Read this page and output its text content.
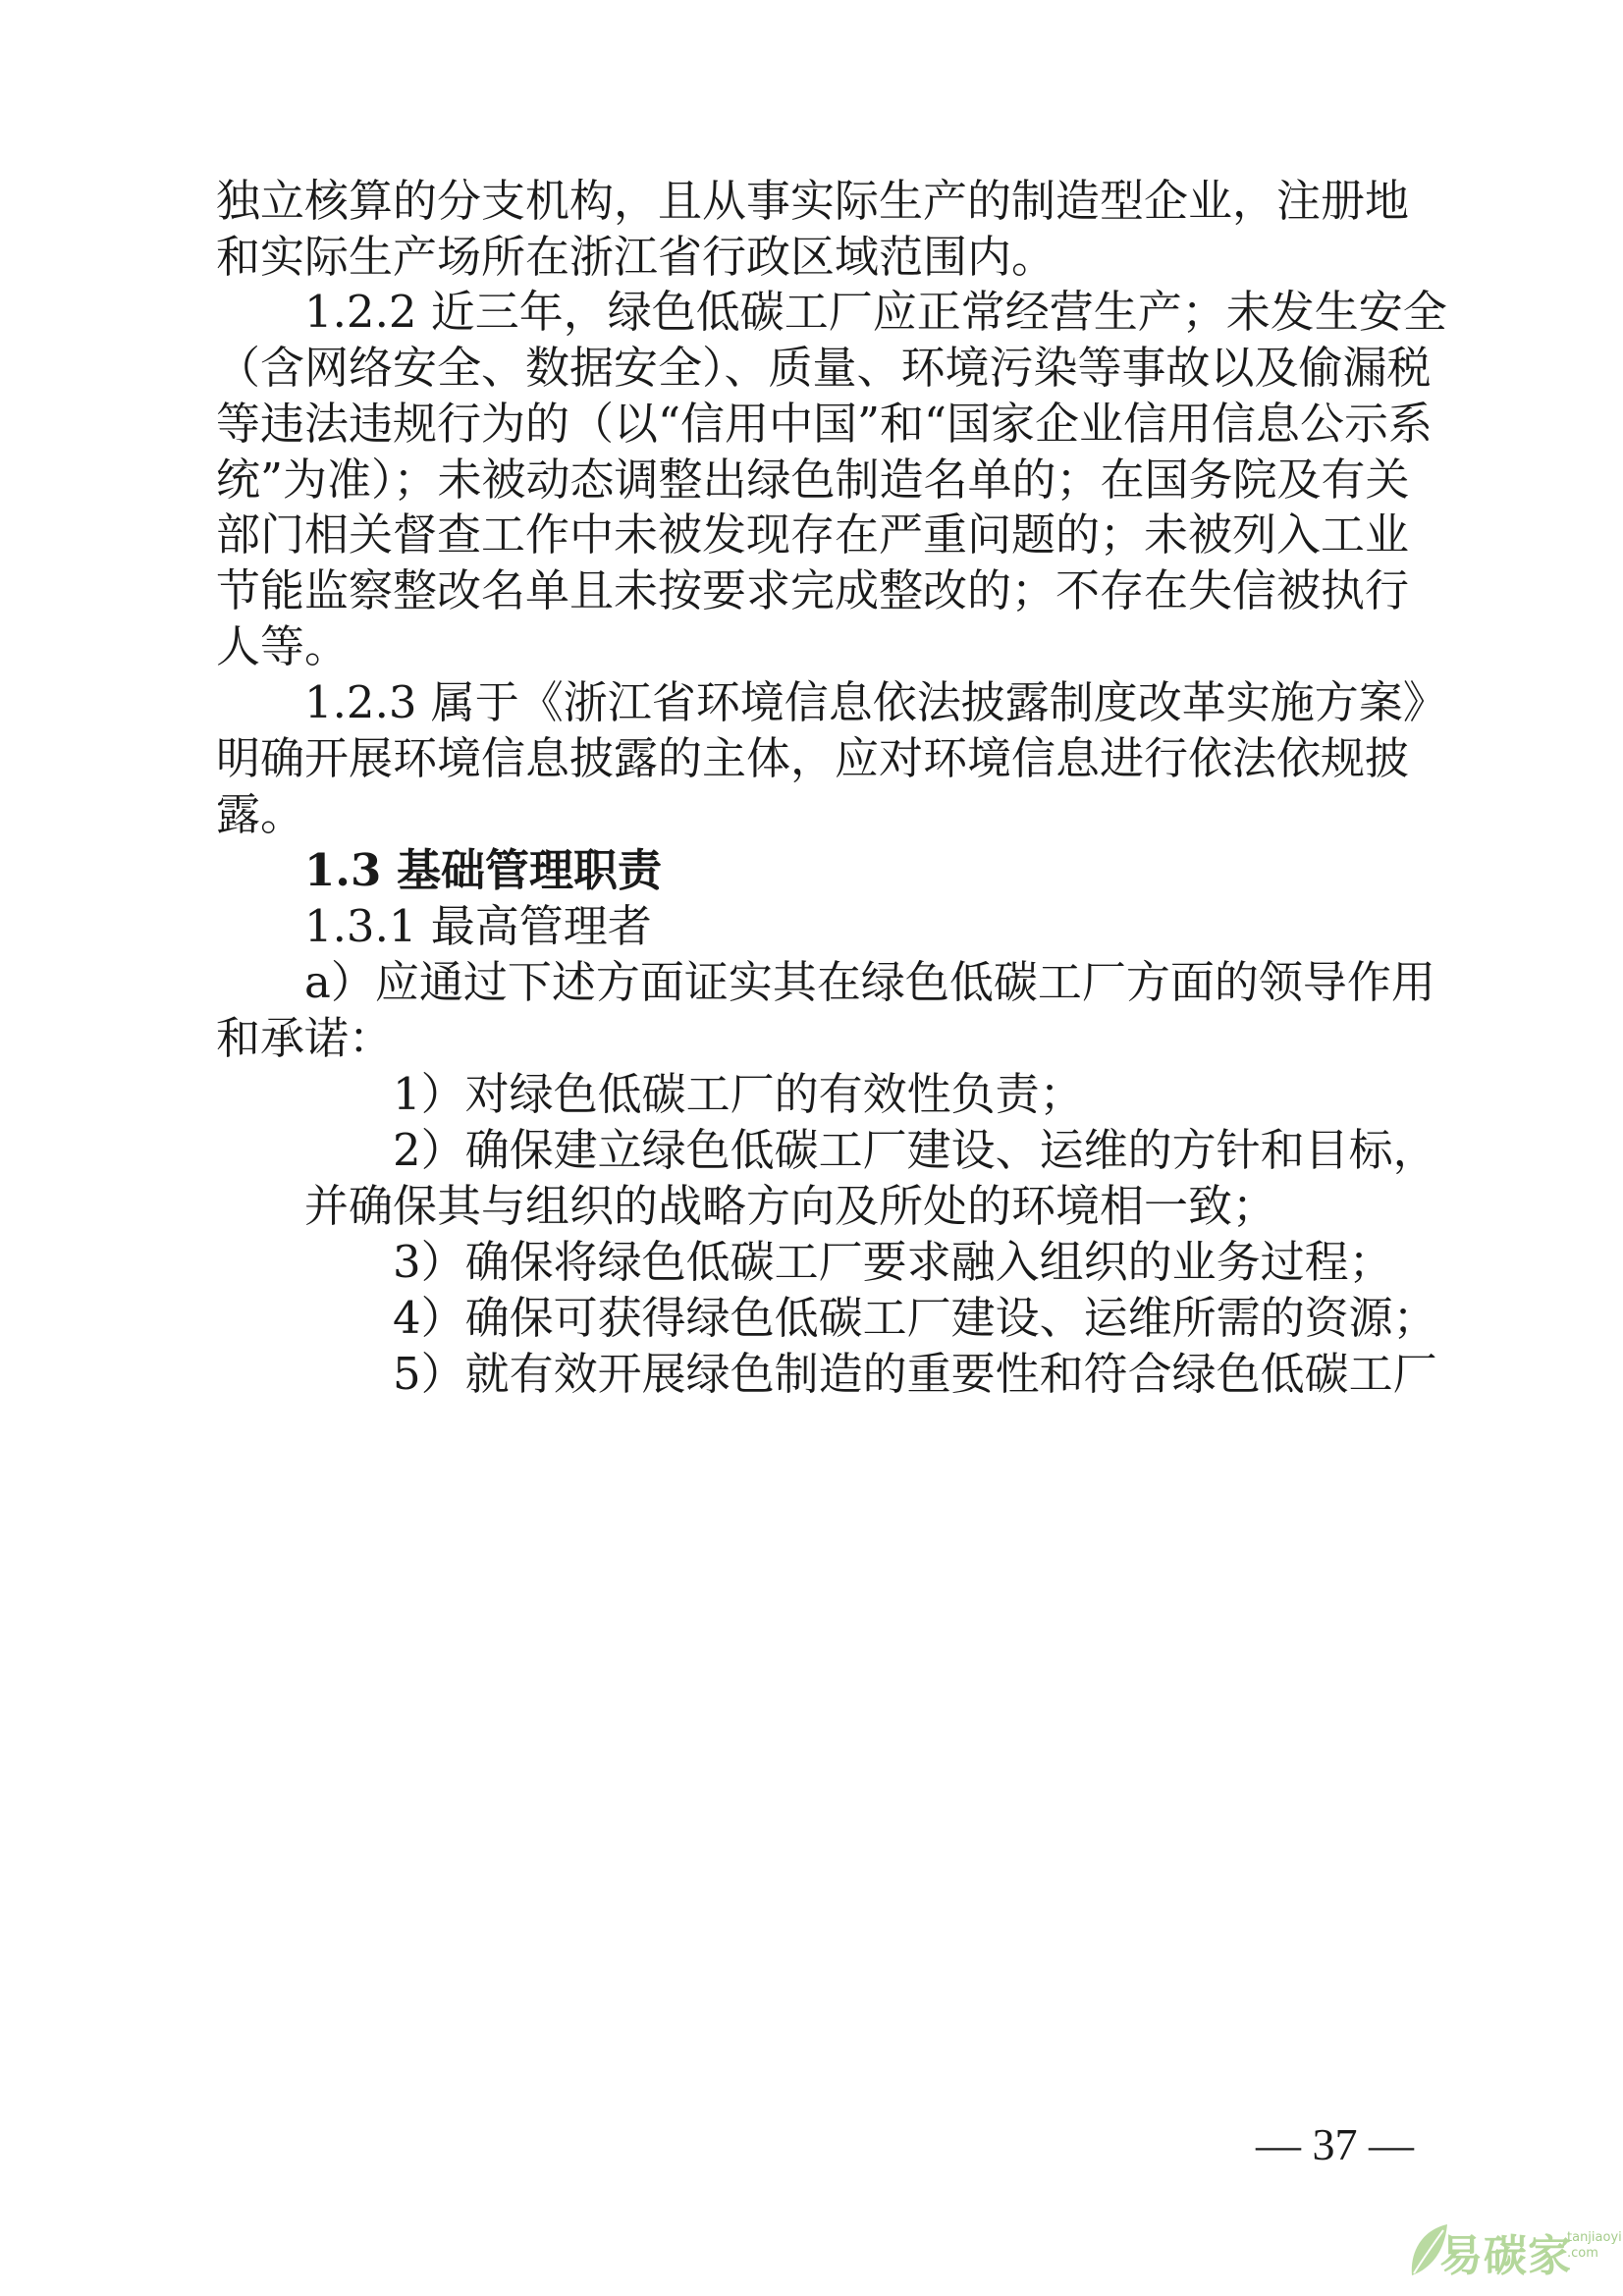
独立核算的分支机构，且从事实际生产的制造型企业，注册地
和实际生产场所在浙江省行政区域范围内。
1.2.2 近三年，绿色低碳工厂应正常经营生产；未发生安全
（含网络安全、数据安全）、质量、环境污染等事故以及偷漏税
等违法违规行为的（以“信用中国”和“国家企业信用信息公示系
统”为准）；未被动态调整出绿色制造名单的；在国务院及有关
部门相关督查工作中未被发现存在严重问题的；未被列入工业
节能监察整改名单且未按要求完成整改的；不存在失信被执行
人等。
1.2.3 属于《浙江省环境信息依法披露制度改革实施方案》
明确开展环境信息披露的主体，应对环境信息进行依法依规披
露。
1.3 基础管理职责
1.3.1 最高管理者
a）应通过下述方面证实其在绿色低碳工厂方面的领导作用
和承诺：
1）对绿色低碳工厂的有效性负责；
2）确保建立绿色低碳工厂建设、运维的方针和目标，
并确保其与组织的战略方向及所处的环境相一致；
3）确保将绿色低碳工厂要求融入组织的业务过程；
4）确保可获得绿色低碳工厂建设、运维所需的资源；
5）就有效开展绿色制造的重要性和符合绿色低碳工厂
— 37 —
易碳家
tanjiaoyi
.com
